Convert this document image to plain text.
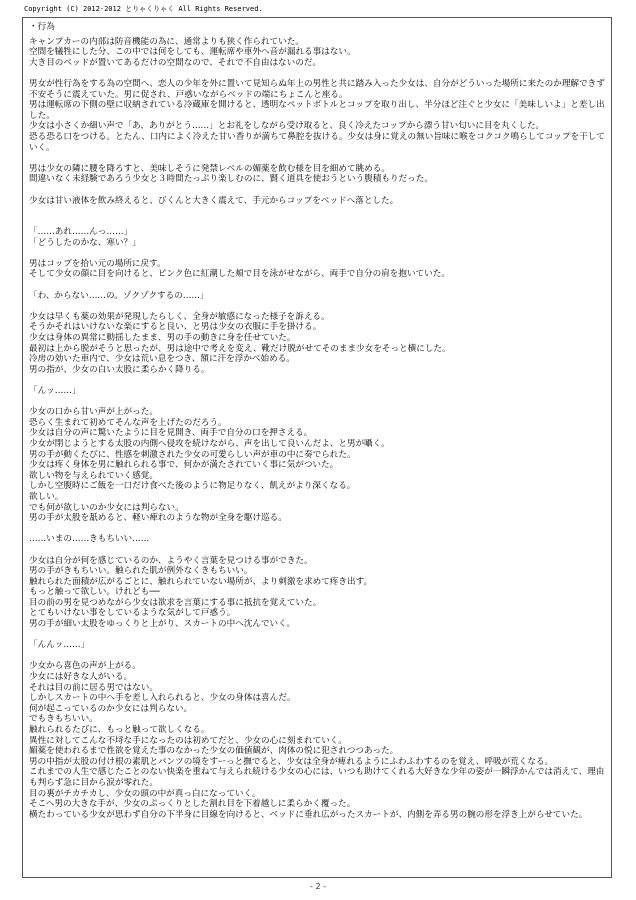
Copyright (C) 2012-2012 とりゃくりゃく All Rights Reserved.
・行為
キャンプカーの内部は防音機能の為に、通常よりも狭く作られていた。
空間を犠牲にした分、この中では何をしても、運転席や車外へ音が漏れる事はない。
大き目のベッドが置いてあるだけの空間なので、それで不自由はないのだ。
男女が性行為をする為の空間へ、恋人の少年を外に置いて見知らぬ年上の男性と共に踏み入った少女は、自分がどういった場所に来たのか理解できず不安そうに震えていた。男に促され、戸惑いながらベッドの端にちょこんと座る。
男は運転席の下側の壁に収納されている冷蔵庫を開けると、透明なペットボトルとコップを取り出し、半分ほど注ぐと少女に「美味しいよ」と差し出した。
少女は小さくか細い声で「あ、ありがとう……」とお礼をしながら受け取ると、良く冷えたコップから漂う甘い匂いに目を丸くした。
恐る恐る口をつける。とたん、口内によく冷えた甘い香りが満ちて鼻腔を抜ける。少女は身に覚えの無い旨味に喉をコクコク鳴らしてコップを干していく。
男は少女の隣に腰を降ろすと、美味しそうに発禁レベルの媚薬を飲む様を目を細めて眺める。
間違いなく未経験であろう少女と３時間たっぷり楽しむのに、賢く道具を使おうという腹積もりだった。
少女は甘い液体を飲み終えると、びくんと大きく震えて、手元からコップをベッドへ落とした。
「……あれ……んっ……」
「どうしたのかな、寒い？」
男はコップを拾い元の場所に戻す。
そして少女の顔に目を向けると、ピンク色に紅潮した頬で目を泳がせながら、両手で自分の肩を抱いていた。
「わ、からない……の。ゾクゾクするの……」
少女は早くも薬の効果が発現したらしく、全身が敏感になった様子を訴える。
そうかそれはいけないな楽にすると良い、と男は少女の衣服に手を掛ける。
少女は身体の異常に動揺したまま、男の手の動きに身を任せていた。
最初は上から脱がそうと思ったが、男は途中で考えを変え、靴だけ脱がせてそのまま少女をそっと横にした。
冷房の効いた車内で、少女は荒い息をつき、額に汗を浮かべ始める。
男の指が、少女の白い太股に柔らかく降りる。
「んッ……」
少女の口から甘い声が上がった。
恐らく生まれて初めてそんな声を上げたのだろう。
少女は自分の声に驚いたように目を見開き、両手で自分の口を押さえる。
少女が閉じようとする太股の内側へ侵攻を続けながら、声を出して良いんだよ、と男が囁く。
男の手が動くたびに、性感を刺激された少女の可愛らしい声が車の中に奏でられた。
少女は疼く身体を男に触れられる事で、何かが満たされていく事に気がついた。
欲しい物を与えられていく感覚。
しかし空腹時にご飯を一口だけ食べた後のように物足りなく、飢えがより深くなる。
欲しい。
でも何が欲しいのか少女には判らない。
男の手が太股を舐めると、軽い痺れのような物が全身を駆け巡る。
……いまの……きもちいい……
少女は自分が何を感じているのか、ようやく言葉を見つける事ができた。
男の手がきもちいい。触られた肌が例外なくきもちいい。
触れられた面積が広がるごとに、触れられていない場所が、より刺激を求めて疼き出す。
もっと触って欲しい。けれども──
目の前の男を見つめながら少女は欲求を言葉にする事に抵抗を覚えていた。
とてもいけない事をしているような気がして戸惑う。
男の手が細い太股をゆっくりと上がり、スカートの中へ沈んでいく。
「んんッ……」
少女から喜色の声が上がる。
少女には好きな人がいる。
それは目の前に居る男ではない。
しかしスカートの中へ手を差し入れられると、少女の身体は喜んだ。
何が起こっているのか少女には判らない。
でもきもちいい。
触れられるたびに、もっと触って欲しくなる。
異性に対してこんな不埒な手になったのは初めてだと、少女の心に刻まれていく。
媚薬を使われるまで性欲を覚えた事のなかった少女の価値観が、肉体の悦に犯されつつあった。
男の中指が太股の付け根の素肌とパンツの境をすーっと撫でると、少女は全身が痺れるようにふわふわするのを覚え、呼吸が荒くなる。
これまでの人生で感じたことのない快楽を重ねて与えられ続ける少女の心には、いつも助けてくれる大好きな少年の姿が一瞬浮かんでは消えて、理由も判らず急に目から涙が零れた。
目の裏がチカチカし、少女の頭の中が真っ白になっていく。
そこへ男の大きな手が、少女のぷっくりとした割れ目を下着越しに柔らかく覆った。
横たわっている少女が思わず自分の下半身に目線を向けると、ベッドに垂れ広がったスカートが、内側を弄る男の腕の形を浮き上がらせていた。
- 2 -
